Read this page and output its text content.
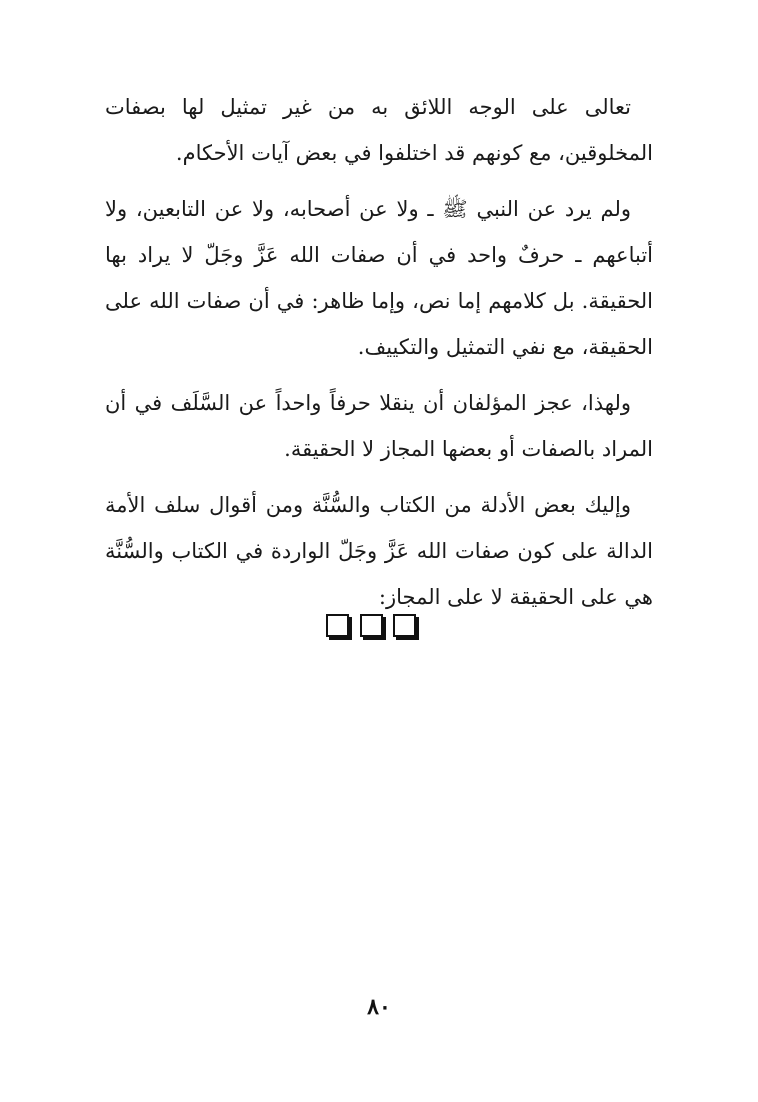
تعالى على الوجه اللائق به من غير تمثيل لها بصفات المخلوقين، مع كونهم قد اختلفوا في بعض آيات الأحكام.

ولم يرد عن النبي ﷺ ـ ولا عن أصحابه، ولا عن التابعين، ولا أتباعهم ـ حرفٌ واحد في أن صفات الله عَزَّ وجَلّ لا يراد بها الحقيقة. بل كلامهم إما نص، وإما ظاهر: في أن صفات الله على الحقيقة، مع نفي التمثيل والتكييف.

ولهذا، عجز المؤلفان أن ينقلا حرفاً واحداً عن السَّلَف في أن المراد بالصفات أو بعضها المجاز لا الحقيقة.

وإليك بعض الأدلة من الكتاب والسُّنَّة ومن أقوال سلف الأمة الدالة على كون صفات الله عَزَّ وجَلّ الواردة في الكتاب والسُّنَّة هي على الحقيقة لا على المجاز:

٨٠
